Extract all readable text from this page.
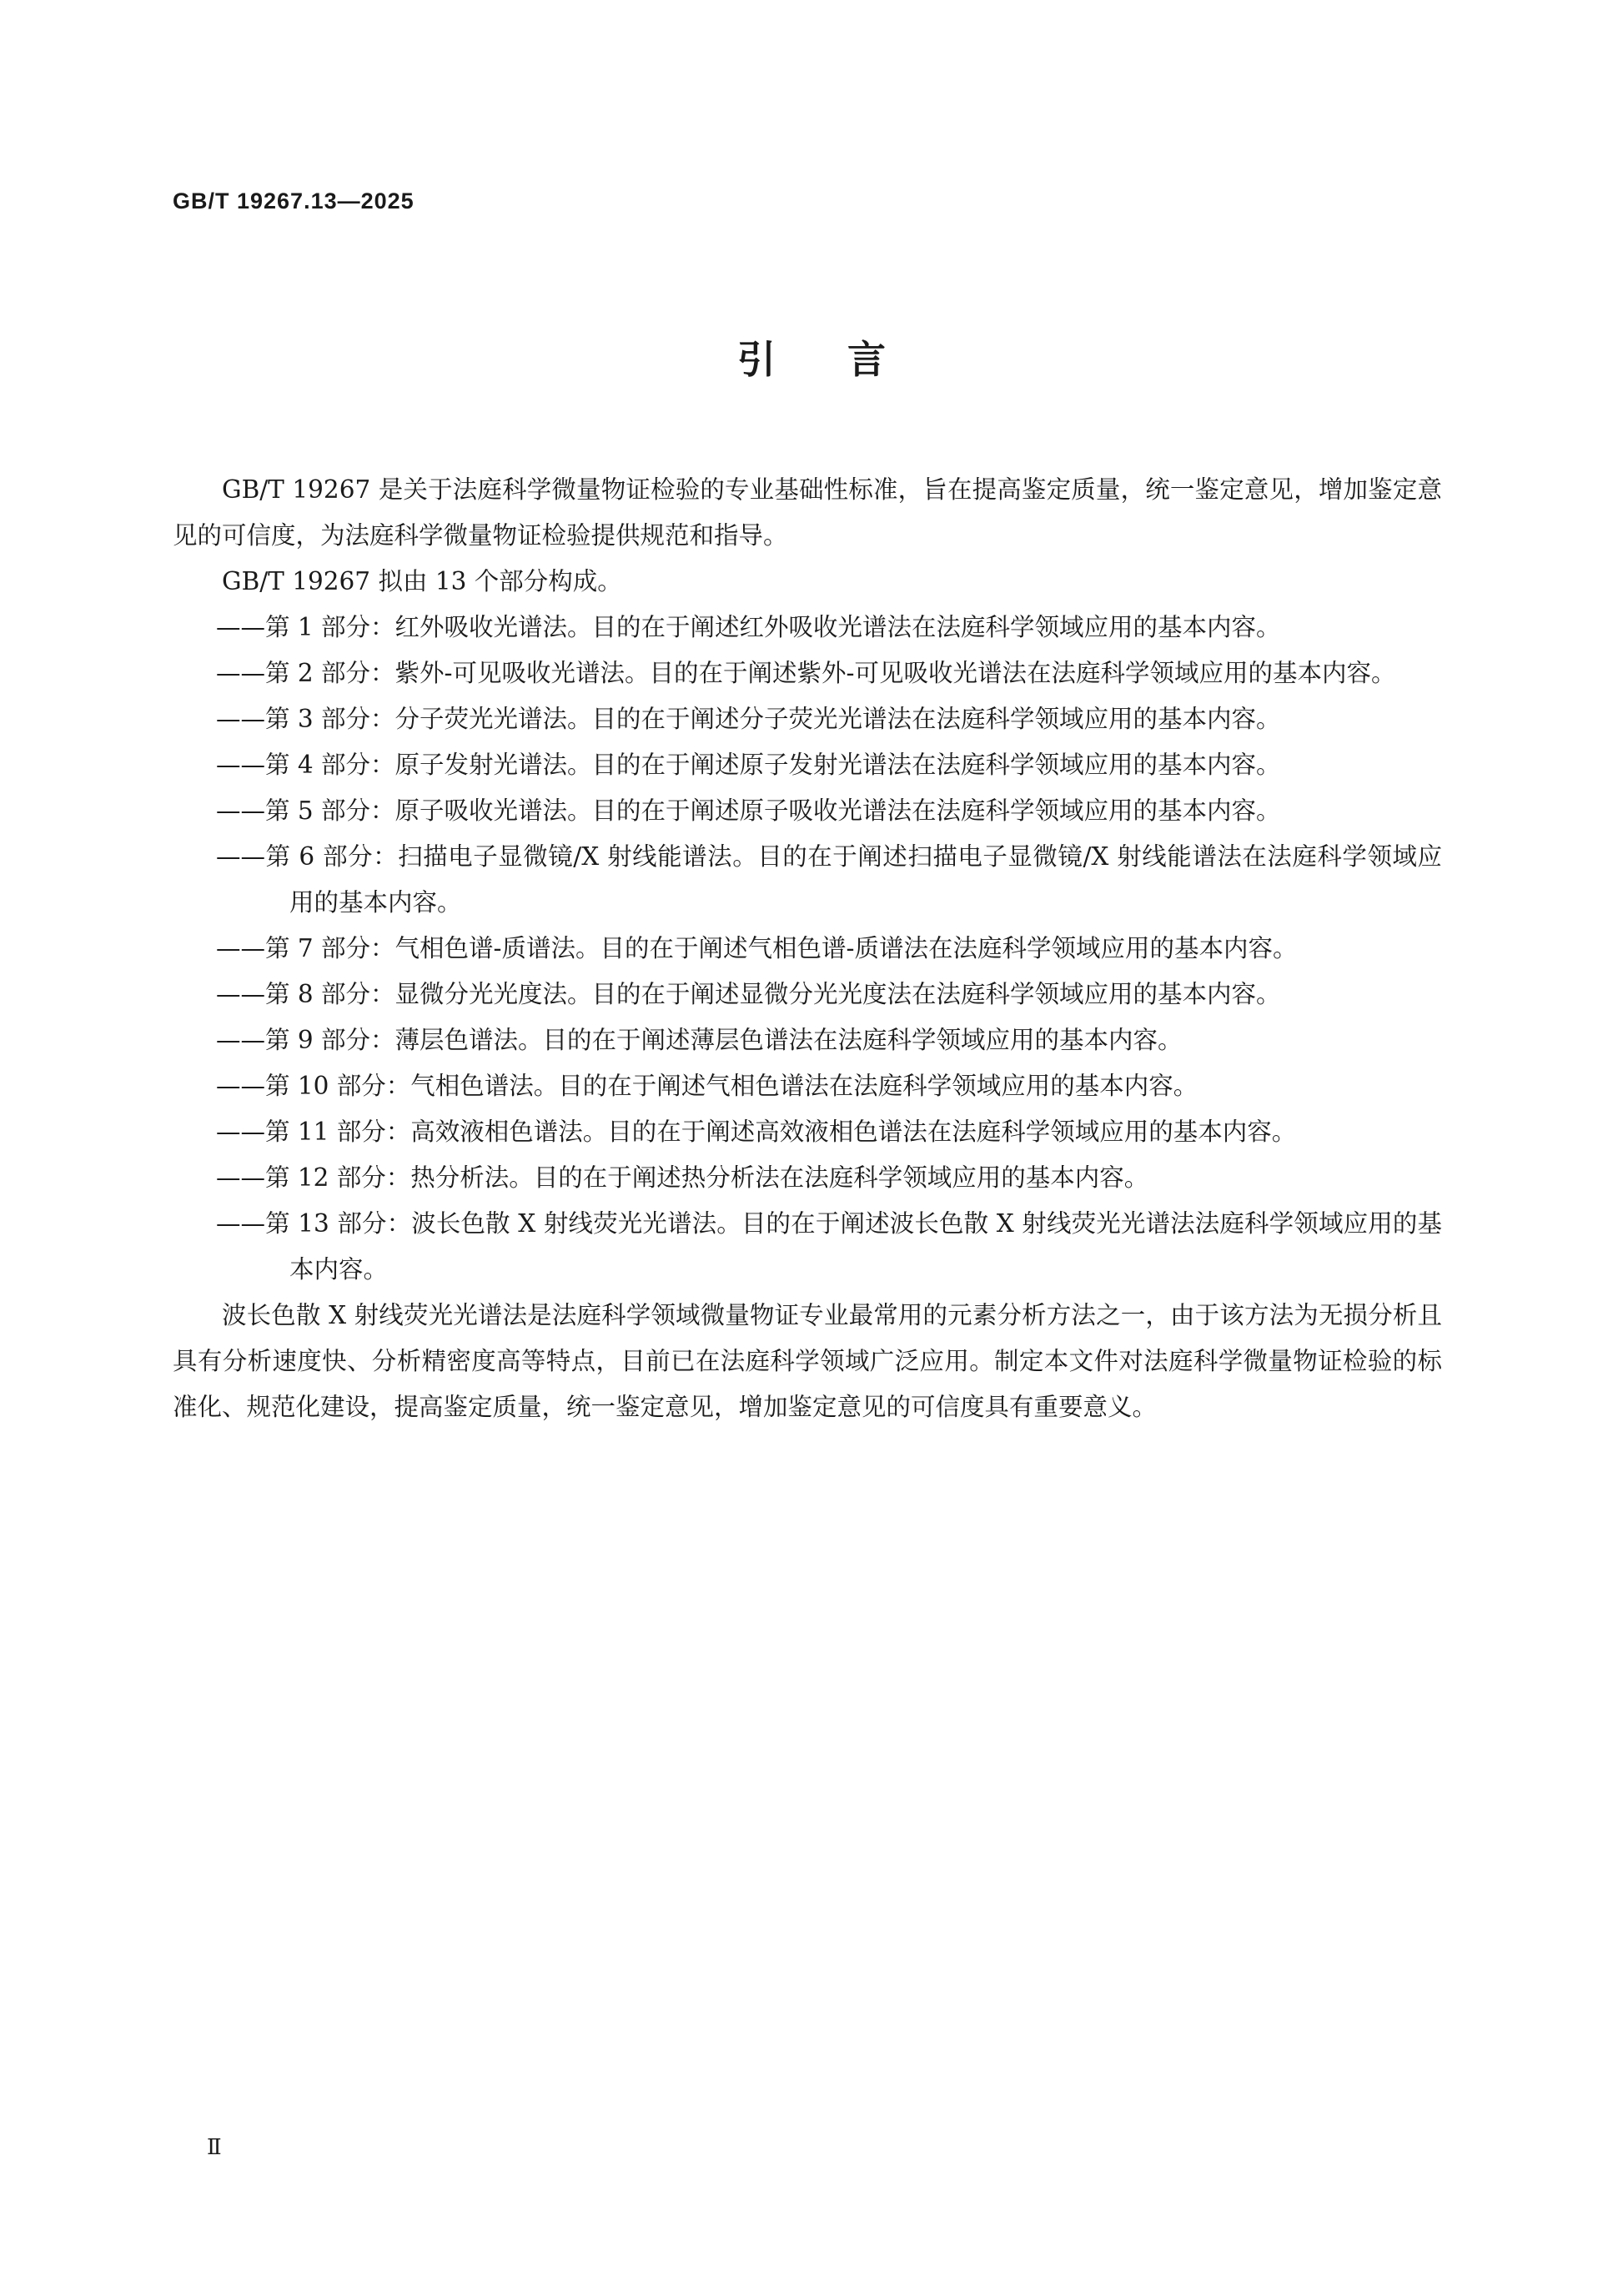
GB/T 19267.13—2025
引言

GB/T 19267 是关于法庭科学微量物证检验的专业基础性标准，旨在提高鉴定质量，统一鉴定意见，增加鉴定意见的可信度，为法庭科学微量物证检验提供规范和指导。

GB/T 19267 拟由 13 个部分构成。

——第 1 部分：红外吸收光谱法。目的在于阐述红外吸收光谱法在法庭科学领域应用的基本内容。

——第 2 部分：紫外-可见吸收光谱法。目的在于阐述紫外-可见吸收光谱法在法庭科学领域应用的基本内容。

——第 3 部分：分子荧光光谱法。目的在于阐述分子荧光光谱法在法庭科学领域应用的基本内容。

——第 4 部分：原子发射光谱法。目的在于阐述原子发射光谱法在法庭科学领域应用的基本内容。

——第 5 部分：原子吸收光谱法。目的在于阐述原子吸收光谱法在法庭科学领域应用的基本内容。

——第 6 部分：扫描电子显微镜/X 射线能谱法。目的在于阐述扫描电子显微镜/X 射线能谱法在法庭科学领域应用的基本内容。

——第 7 部分：气相色谱-质谱法。目的在于阐述气相色谱-质谱法在法庭科学领域应用的基本内容。

——第 8 部分：显微分光光度法。目的在于阐述显微分光光度法在法庭科学领域应用的基本内容。

——第 9 部分：薄层色谱法。目的在于阐述薄层色谱法在法庭科学领域应用的基本内容。

——第 10 部分：气相色谱法。目的在于阐述气相色谱法在法庭科学领域应用的基本内容。

——第 11 部分：高效液相色谱法。目的在于阐述高效液相色谱法在法庭科学领域应用的基本内容。

——第 12 部分：热分析法。目的在于阐述热分析法在法庭科学领域应用的基本内容。

——第 13 部分：波长色散 X 射线荧光光谱法。目的在于阐述波长色散 X 射线荧光光谱法法庭科学领域应用的基本内容。

波长色散 X 射线荧光光谱法是法庭科学领域微量物证专业最常用的元素分析方法之一，由于该方法为无损分析且具有分析速度快、分析精密度高等特点，目前已在法庭科学领域广泛应用。制定本文件对法庭科学微量物证检验的标准化、规范化建设，提高鉴定质量，统一鉴定意见，增加鉴定意见的可信度具有重要意义。

Ⅱ
